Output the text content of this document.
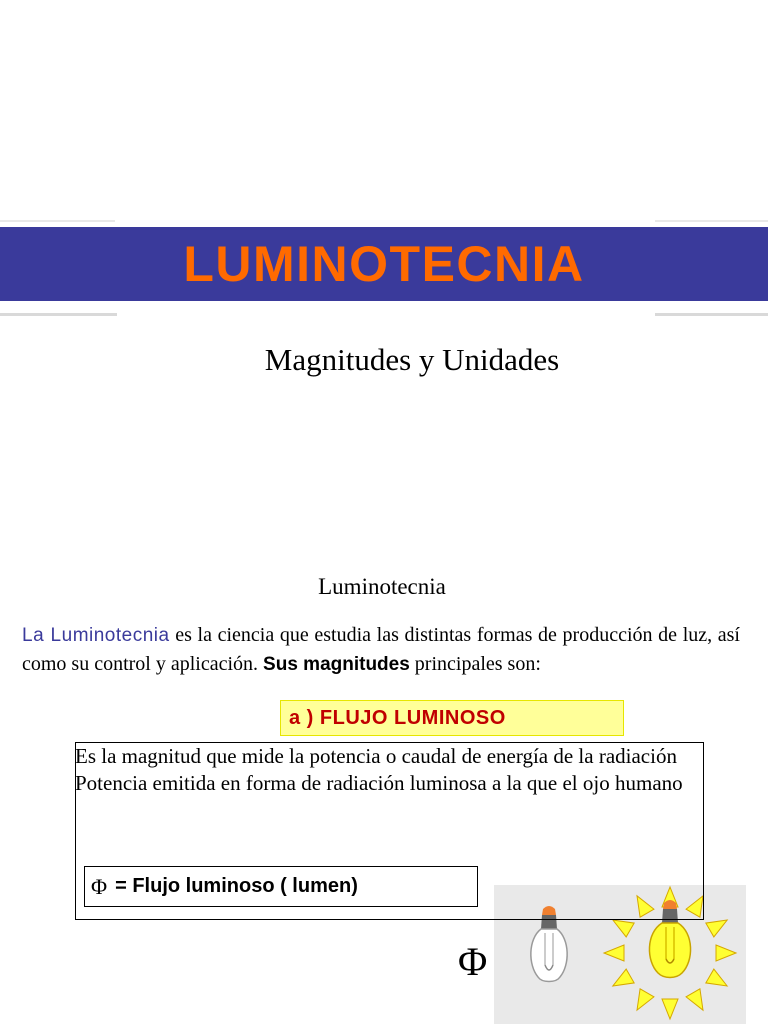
LUMINOTECNIA
Magnitudes y Unidades
Luminotecnia
La Luminotecnia es la ciencia que estudia las distintas formas de producción de luz, así como su control y aplicación. Sus magnitudes principales son:
a ) FLUJO LUMINOSO
Es la magnitud que mide la potencia o caudal de energía de la radiación
Potencia emitida en forma de radiación luminosa a la que el ojo humano
Φ = Flujo luminoso ( lumen)
Φ
